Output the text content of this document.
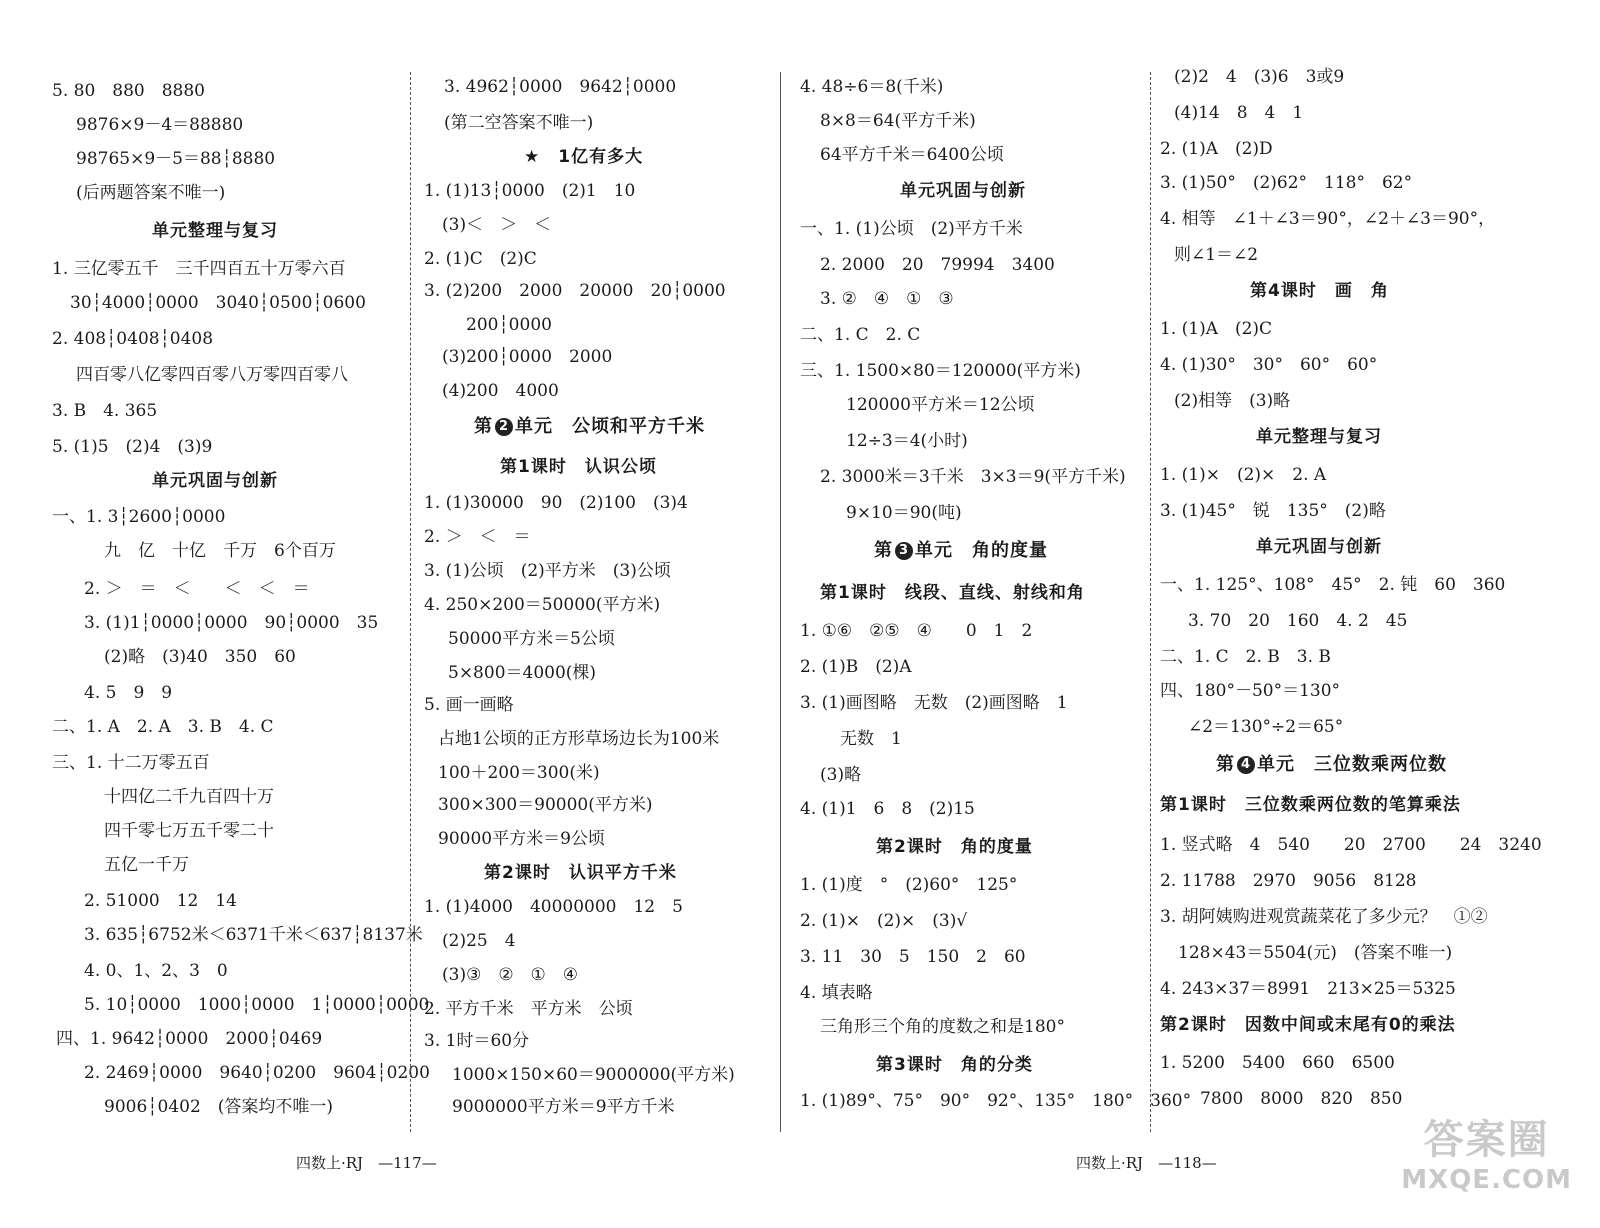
5. 80　880　8880
9876×9－4＝88880
98765×9－5＝88┆8880
(后两题答案不唯一)
单元整理与复习
1. 三亿零五千　三千四百五十万零六百
30┆4000┆0000　3040┆0500┆0600
2. 408┆0408┆0408
四百零八亿零四百零八万零四百零八
3. B　4. 365
5. (1)5　(2)4　(3)9
单元巩固与创新
一、1. 3┆2600┆0000
九　亿　十亿　千万　6个百万
2. ＞　＝　＜　　＜　＜　＝
3. (1)1┆0000┆0000　90┆0000　35
(2)略　(3)40　350　60
4. 5　9　9
二、1. A　2. A　3. B　4. C
三、1. 十二万零五百
十四亿二千九百四十万
四千零七万五千零二十
五亿一千万
2. 51000　12　14
3. 635┆6752米＜6371千米＜637┆8137米
4. 0、1、2、3　0
5. 10┆0000　1000┆0000　1┆0000┆0000
四、1. 9642┆0000　2000┆0469
2. 2469┆0000　9640┆0200　9604┆0200
9006┆0402　(答案均不唯一)
3. 4962┆0000　9642┆0000
(第二空答案不唯一)
★　1亿有多大
1. (1)13┆0000　(2)1　10
(3)＜　＞　＜
2. (1)C　(2)C
3. (2)200　2000　20000　20┆0000
200┆0000
(3)200┆0000　2000
(4)200　4000
第 2 单元　公顷和平方千米
第1课时　认识公顷
1. (1)30000　90　(2)100　(3)4
2. ＞　＜　＝
3. (1)公顷　(2)平方米　(3)公顷
4. 250×200＝50000(平方米)
50000平方米＝5公顷
5×800＝4000(棵)
5. 画一画略
占地1公顷的正方形草场边长为100米
100＋200＝300(米)
300×300＝90000(平方米)
90000平方米＝9公顷
第2课时　认识平方千米
1. (1)4000　40000000　12　5
(2)25　4
(3)③　②　①　④
2. 平方千米　平方米　公顷
3. 1时＝60分
1000×150×60＝9000000(平方米)
9000000平方米＝9平方千米
4. 48÷6＝8(千米)
8×8＝64(平方千米)
64平方千米＝6400公顷
单元巩固与创新
一、1. (1)公顷　(2)平方千米
2. 2000　20　79994　3400
3. ②　④　①　③
二、1. C　2. C
三、1. 1500×80＝120000(平方米)
120000平方米＝12公顷
12÷3＝4(小时)
2. 3000米＝3千米　3×3＝9(平方千米)
9×10＝90(吨)
第 3 单元　角的度量
第1课时　线段、直线、射线和角
1. ①⑥　②⑤　④　　0　1　2
2. (1)B　(2)A
3. (1)画图略　无数　(2)画图略　1
无数　1
(3)略
4. (1)1　6　8　(2)15
第2课时　角的度量
1. (1)度　°　(2)60°　125°
2. (1)×　(2)×　(3)√
3. 11　30　5　150　2　60
4. 填表略
三角形三个角的度数之和是180°
第3课时　角的分类
1. (1)89°、75°　90°　92°、135°　180°　360°
(2)2　4　(3)6　3或9
(4)14　8　4　1
2. (1)A　(2)D
3. (1)50°　(2)62°　118°　62°
4. 相等　∠1＋∠3＝90°，∠2＋∠3＝90°，
则∠1＝∠2
第4课时　画　角
1. (1)A　(2)C
4. (1)30°　30°　60°　60°
(2)相等　(3)略
单元整理与复习
1. (1)×　(2)×　2. A
3. (1)45°　锐　135°　(2)略
单元巩固与创新
一、1. 125°、108°　45°　2. 钝　60　360
3. 70　20　160　4. 2　45
二、1. C　2. B　3. B
四、180°－50°＝130°
∠2＝130°÷2＝65°
第 4 单元　三位数乘两位数
第1课时　三位数乘两位数的笔算乘法
1. 竖式略　4　540　　20　2700　　24　3240
2. 11788　2970　9056　8128
3. 胡阿姨购进观赏蔬菜花了多少元？　①②
128×43＝5504(元)　(答案不唯一)
4. 243×37＝8991　213×25＝5325
第2课时　因数中间或末尾有0的乘法
1. 5200　5400　660　6500
7800　8000　820　850
四数上·RJ　—117—	四数上·RJ　—118—	答案圈
MXQE.COM
